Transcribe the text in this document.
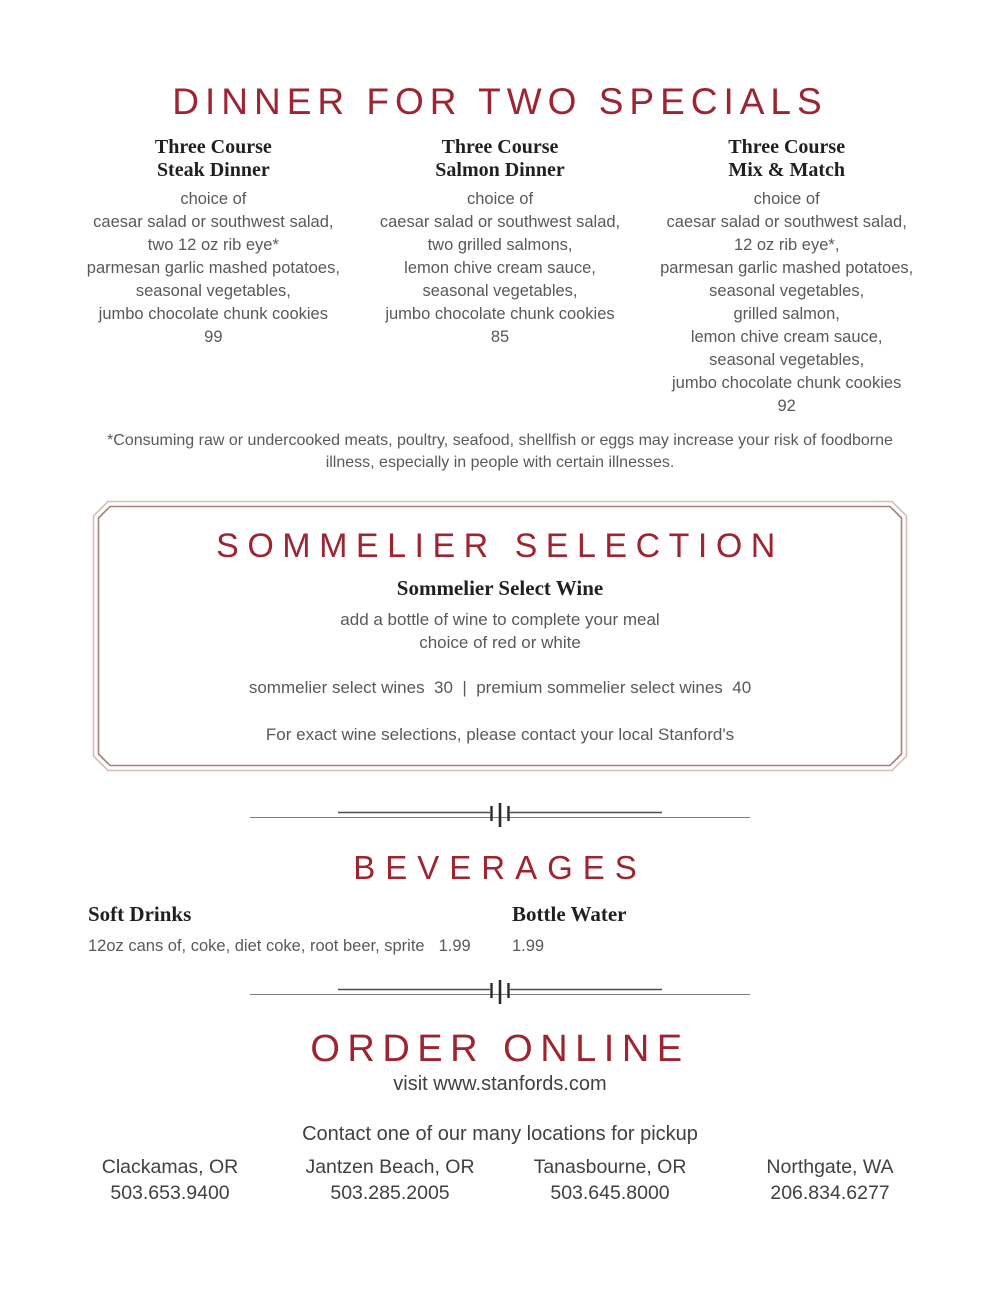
DINNER FOR TWO SPECIALS
Three Course
Steak Dinner
choice of
caesar salad or southwest salad,
two 12 oz rib eye*
parmesan garlic mashed potatoes,
seasonal vegetables,
jumbo chocolate chunk cookies
99
Three Course
Salmon Dinner
choice of
caesar salad or southwest salad,
two grilled salmons,
lemon chive cream sauce,
seasonal vegetables,
jumbo chocolate chunk cookies
85
Three Course
Mix & Match
choice of
caesar salad or southwest salad,
12 oz rib eye*,
parmesan garlic mashed potatoes,
seasonal vegetables,
grilled salmon,
lemon chive cream sauce,
seasonal vegetables,
jumbo chocolate chunk cookies
92
*Consuming raw or undercooked meats, poultry, seafood, shellfish or eggs may increase your risk of foodborne illness, especially in people with certain illnesses.
SOMMELIER SELECTION
Sommelier Select Wine
add a bottle of wine to complete your meal
choice of red or white
sommelier select wines  30  |  premium sommelier select wines  40
For exact wine selections, please contact your local Stanford's
BEVERAGES
Soft Drinks
12oz cans of, coke, diet coke, root beer, sprite 1.99
Bottle Water
1.99
ORDER ONLINE
visit www.stanfords.com
Contact one of our many locations for pickup
Clackamas, OR
503.653.9400
Jantzen Beach, OR
503.285.2005
Tanasbourne, OR
503.645.8000
Northgate, WA
206.834.6277
